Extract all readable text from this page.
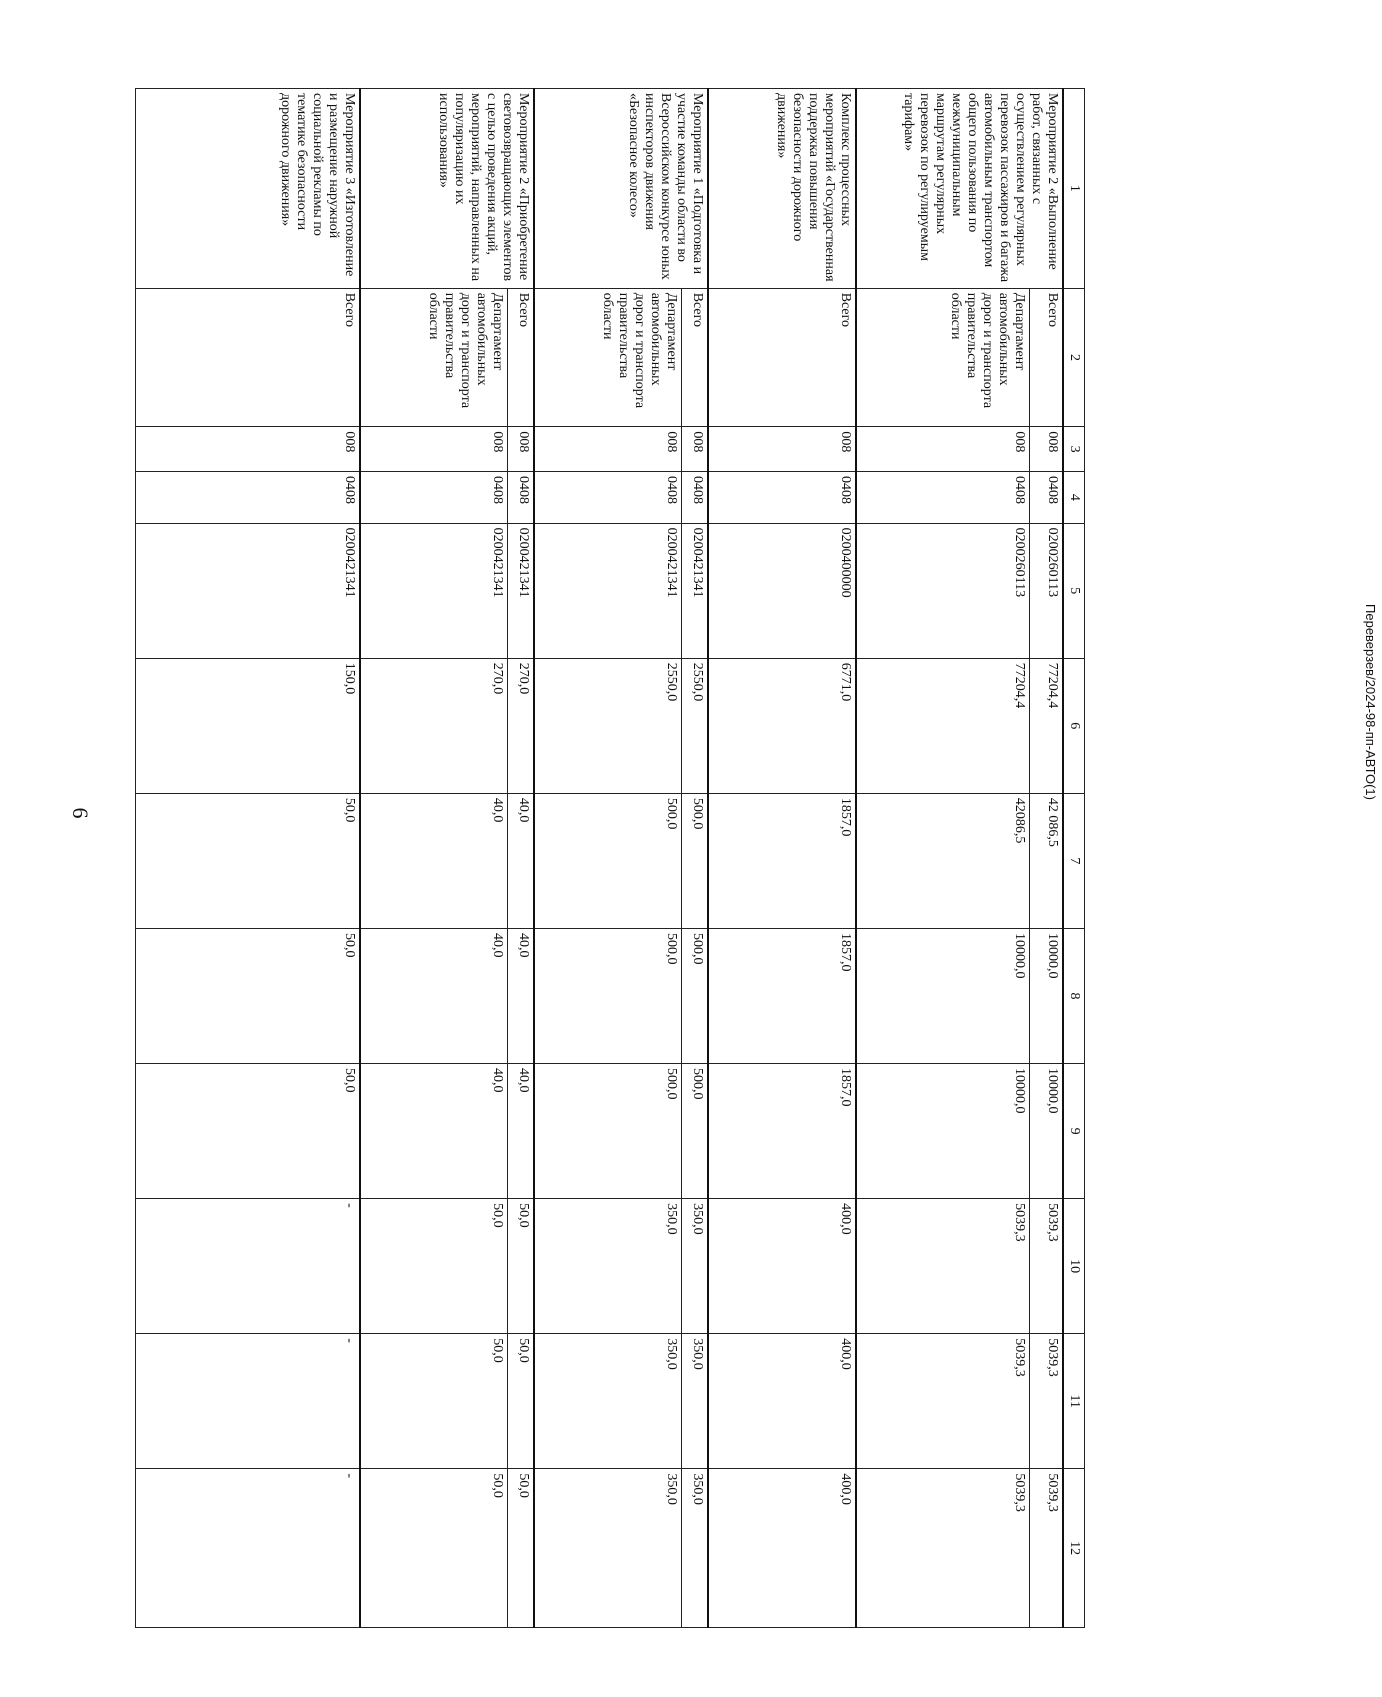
6
1	2	3	4	5	6	7	8	9	10	11	12
Мероприятие 2 «Выполнение работ, связанных с осуществлением регулярных перевозок пассажиров и багажа автомобильным транспортом общего пользования по межмуниципальным маршрутам регулярных перевозок по регулируемым тарифам»	Всего	008	0408	0200260113	77204,4	42 086,5	10000,0	10000,0	5039,3	5039,3	5039,3
	Департамент автомобильных дорог и транспорта правительства области	008	0408	0200260113	77204,4	42086,5	10000,0	10000,0	5039,3	5039,3	5039,3
Комплекс процессных мероприятий «Государственная поддержка повышения безопасности дорожного движения»	Всего	008	0408	0200400000	6771,0	1857,0	1857,0	1857,0	400,0	400,0	400,0
Мероприятие 1 «Подготовка и участие команды области во Всероссийском конкурсе юных инспекторов движения «Безопасное колесо»	Всего	008	0408	0200421341	2550,0	500,0	500,0	500,0	350,0	350,0	350,0
	Департамент автомобильных дорог и транспорта правительства области	008	0408	0200421341	2550,0	500,0	500,0	500,0	350,0	350,0	350,0
Мероприятие 2 «Приобретение световозвращающих элементов с целью проведения акций, мероприятий, направленных на популяризацию их использования»	Всего	008	0408	0200421341	270,0	40,0	40,0	40,0	50,0	50,0	50,0
	Департамент автомобильных дорог и транспорта правительства области	008	0408	0200421341	270,0	40,0	40,0	40,0	50,0	50,0	50,0
Мероприятие 3 «Изготовление и размещение наружной социальной рекламы по тематике безопасности дорожного движения»	Всего	008	0408	0200421341	150,0	50,0	50,0	50,0	-	-	-
Переверзев/2024-98-пп-АВТО(1)
